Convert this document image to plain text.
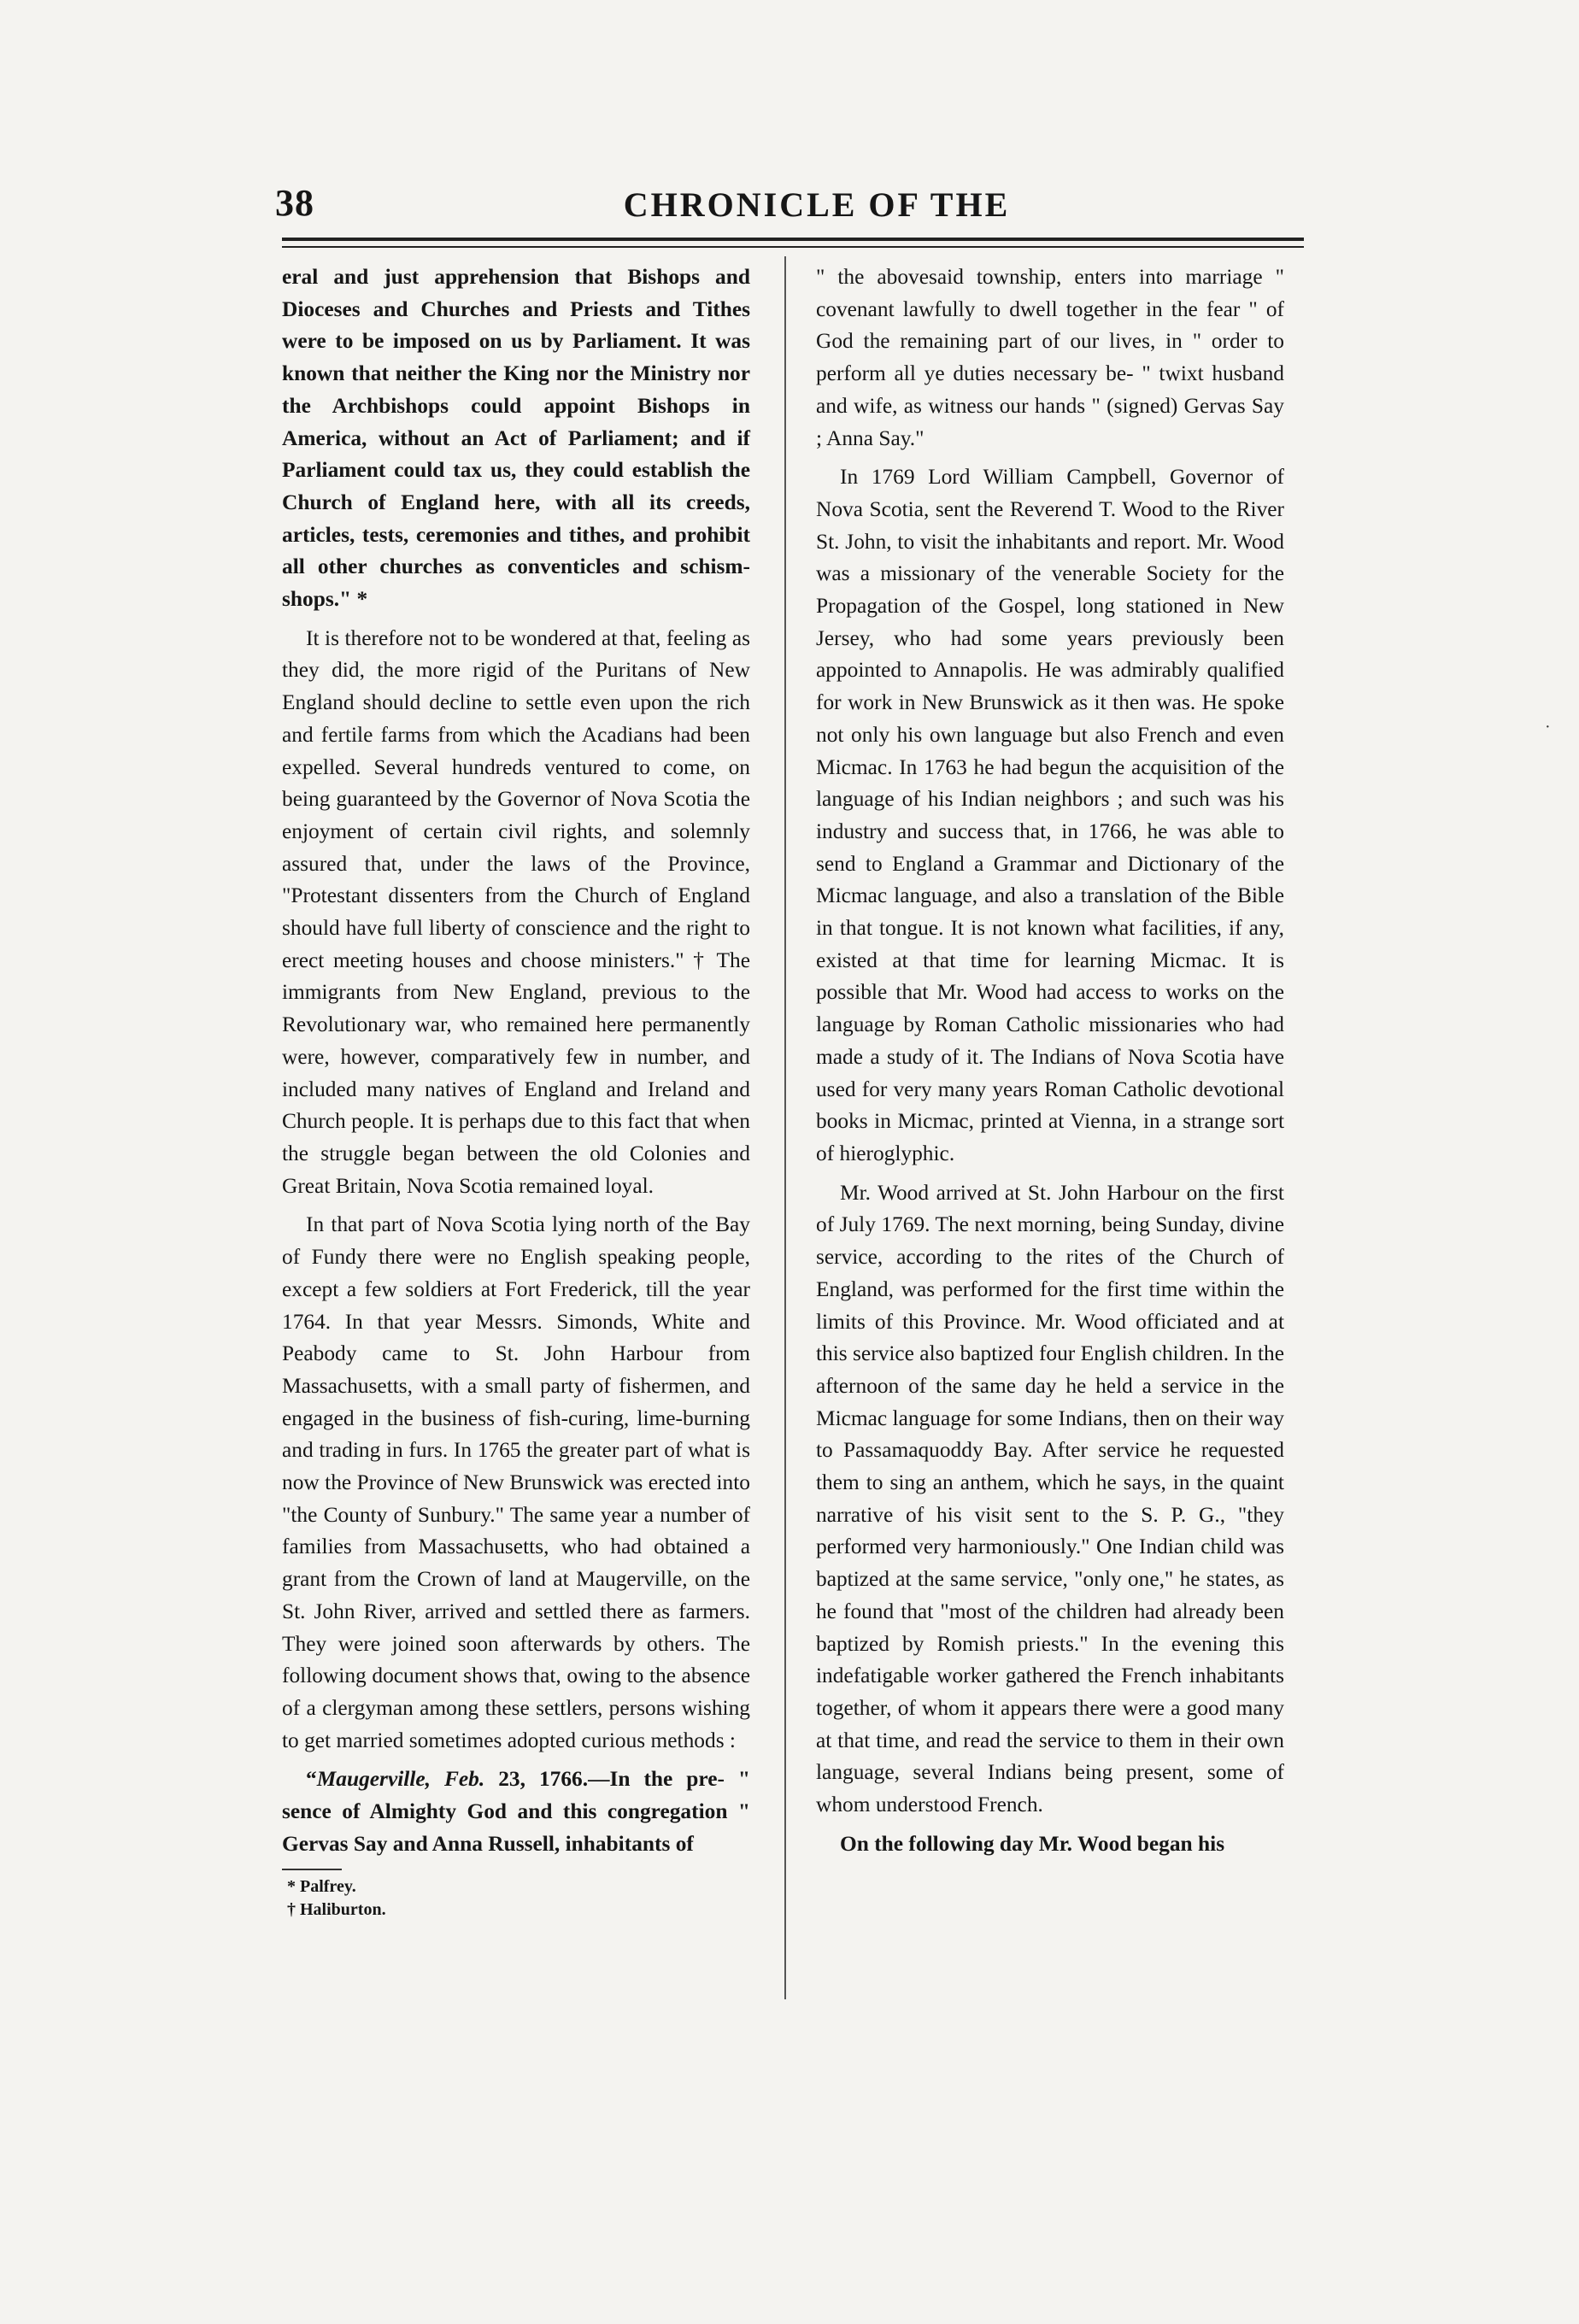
38	CHRONICLE OF THE

eral and just apprehension that Bishops and Dioceses and Churches and Priests and Tithes were to be imposed on us by Parliament. It was known that neither the King nor the Ministry nor the Archbishops could appoint Bishops in America, without an Act of Parliament; and if Parliament could tax us, they could establish the Church of England here, with all its creeds, articles, tests, ceremonies and tithes, and prohibit all other churches as conventicles and schism-shops." *

It is therefore not to be wondered at that, feeling as they did, the more rigid of the Puritans of New England should decline to settle even upon the rich and fertile farms from which the Acadians had been expelled. Several hundreds ventured to come, on being guaranteed by the Governor of Nova Scotia the enjoyment of certain civil rights, and solemnly assured that, under the laws of the Province, "Protestant dissenters from the Church of England should have full liberty of conscience and the right to erect meeting houses and choose ministers." † The immigrants from New England, previous to the Revolutionary war, who remained here permanently were, however, comparatively few in number, and included many natives of England and Ireland and Church people. It is perhaps due to this fact that when the struggle began between the old Colonies and Great Britain, Nova Scotia remained loyal.

In that part of Nova Scotia lying north of the Bay of Fundy there were no English speaking people, except a few soldiers at Fort Frederick, till the year 1764. In that year Messrs. Simonds, White and Peabody came to St. John Harbour from Massachusetts, with a small party of fishermen, and engaged in the business of fish-curing, lime-burning and trading in furs. In 1765 the greater part of what is now the Province of New Brunswick was erected into "the County of Sunbury." The same year a number of families from Massachusetts, who had obtained a grant from the Crown of land at Maugerville, on the St. John River, arrived and settled there as farmers. They were joined soon afterwards by others. The following document shows that, owing to the absence of a clergyman among these settlers, persons wishing to get married sometimes adopted curious methods :

“Maugerville, Feb. 23, 1766.—In the pre- " sence of Almighty God and this congregation " Gervas Say and Anna Russell, inhabitants of

* Palfrey.
† Haliburton.

" the abovesaid township, enters into marriage " covenant lawfully to dwell together in the fear " of God the remaining part of our lives, in " order to perform all ye duties necessary be- " twixt husband and wife, as witness our hands " (signed) Gervas Say ; Anna Say."

In 1769 Lord William Campbell, Governor of Nova Scotia, sent the Reverend T. Wood to the River St. John, to visit the inhabitants and report. Mr. Wood was a missionary of the venerable Society for the Propagation of the Gospel, long stationed in New Jersey, who had some years previously been appointed to Annapolis. He was admirably qualified for work in New Brunswick as it then was. He spoke not only his own language but also French and even Micmac. In 1763 he had begun the acquisition of the language of his Indian neighbors ; and such was his industry and success that, in 1766, he was able to send to England a Grammar and Dictionary of the Micmac language, and also a translation of the Bible in that tongue. It is not known what facilities, if any, existed at that time for learning Micmac. It is possible that Mr. Wood had access to works on the language by Roman Catholic missionaries who had made a study of it. The Indians of Nova Scotia have used for very many years Roman Catholic devotional books in Micmac, printed at Vienna, in a strange sort of hieroglyphic.

Mr. Wood arrived at St. John Harbour on the first of July 1769. The next morning, being Sunday, divine service, according to the rites of the Church of England, was performed for the first time within the limits of this Province. Mr. Wood officiated and at this service also baptized four English children. In the afternoon of the same day he held a service in the Micmac language for some Indians, then on their way to Passamaquoddy Bay. After service he requested them to sing an anthem, which he says, in the quaint narrative of his visit sent to the S. P. G., "they performed very harmoniously." One Indian child was baptized at the same service, "only one," he states, as he found that "most of the children had already been baptized by Romish priests." In the evening this indefatigable worker gathered the French inhabitants together, of whom it appears there were a good many at that time, and read the service to them in their own language, several Indians being present, some of whom understood French.

On the following day Mr. Wood began his

·
